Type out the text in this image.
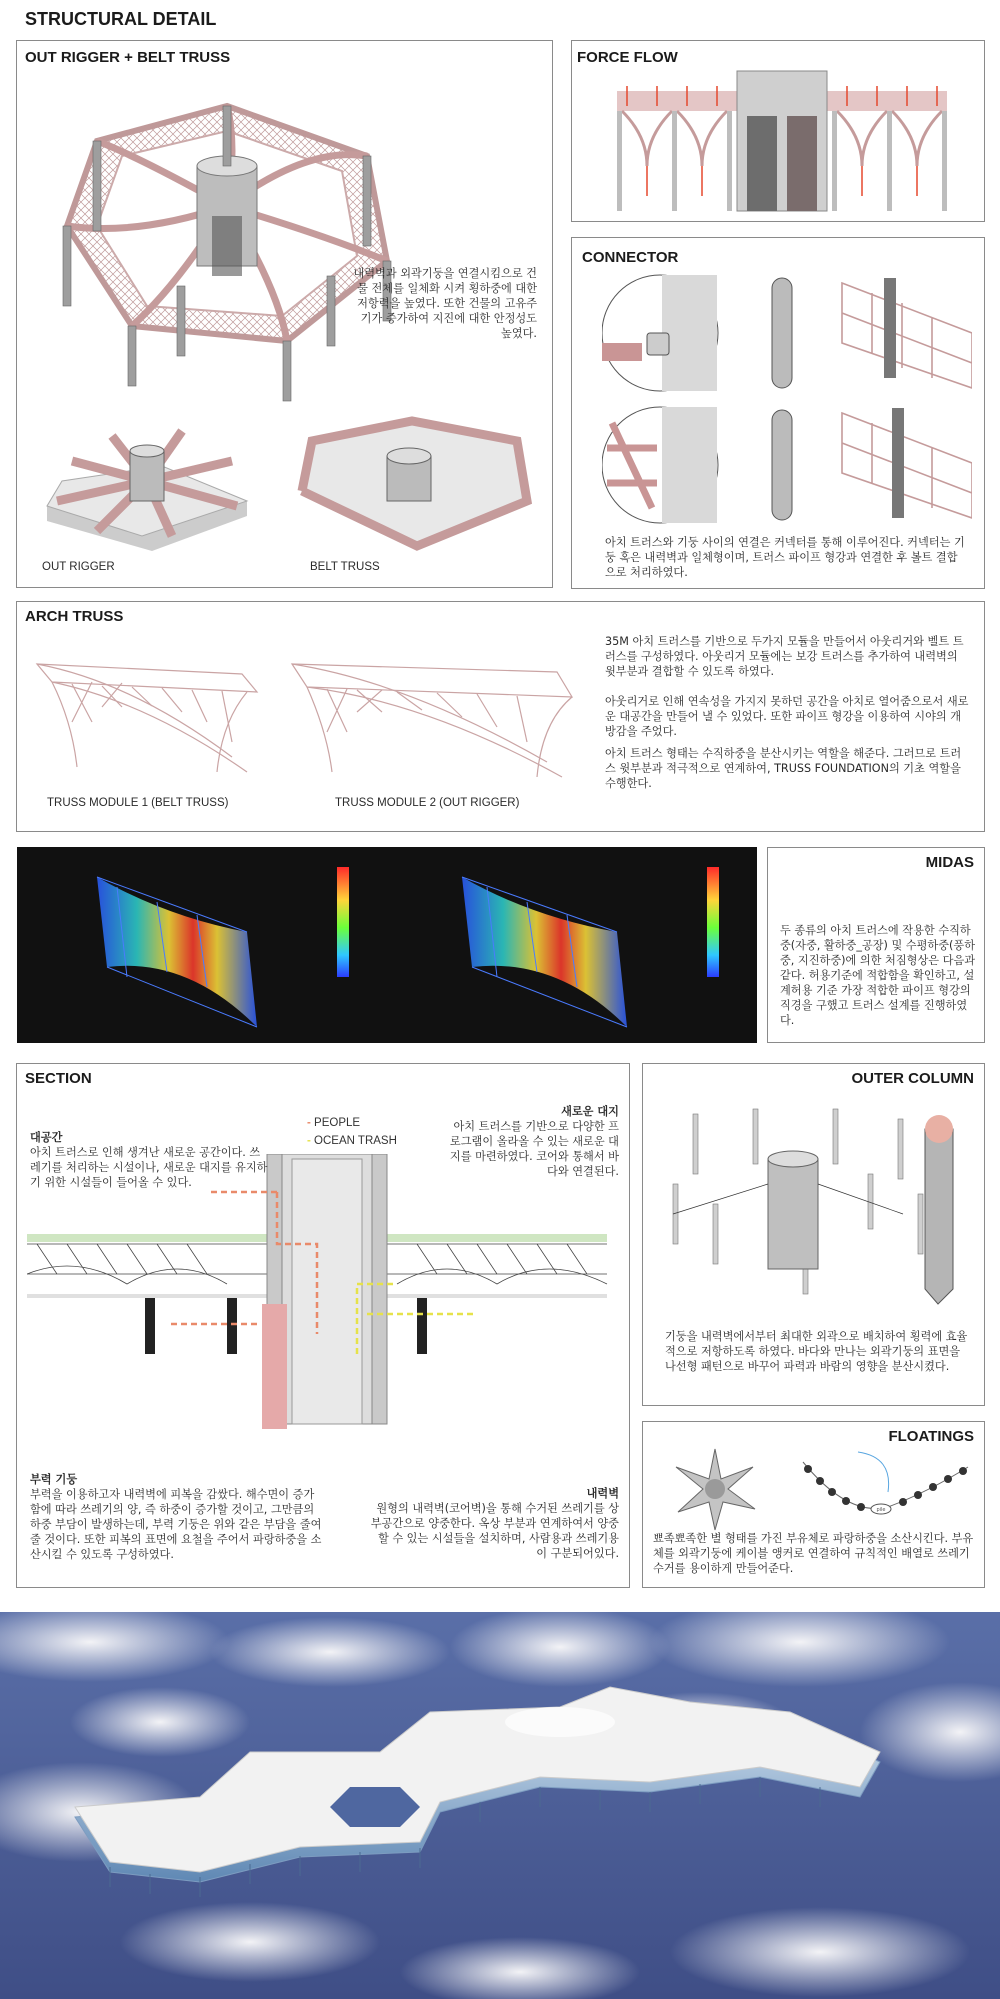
STRUCTURAL DETAIL
OUT RIGGER + BELT TRUSS
내력벽과 외곽기둥을 연결시킴으로 건물 전체를 일체화 시켜 횡하중에 대한 저항력을 높였다. 또한 건물의 고유주기가 증가하여 지진에 대한 안정성도 높였다.
OUT RIGGER	BELT TRUSS
FORCE FLOW
CONNECTOR
아치 트러스와 기둥 사이의 연결은 커넥터를 통해 이루어진다. 커넥터는 기둥 혹은 내력벽과 일체형이며, 트러스 파이프 형강과 연결한 후 볼트 결합으로 처리하였다.
ARCH TRUSS
TRUSS MODULE 1 (BELT TRUSS)	TRUSS MODULE 2 (OUT RIGGER)
35M 아치 트러스를 기반으로 두가지 모듈을 만들어서 아웃리거와 벨트 트러스를 구성하였다. 아웃리거 모듈에는 보강 트러스를 추가하여 내력벽의 윗부분과 결합할 수 있도록 하였다.
아웃리거로 인해 연속성을 가지지 못하던 공간을 아치로 열어줌으로서 새로운 대공간을 만들어 낼 수 있었다. 또한 파이프 형강을 이용하여 시야의 개방감을 주었다.
아치 트러스 형태는 수직하중을 분산시키는 역할을 해준다. 그러므로 트러스 윗부분과 적극적으로 연계하여, TRUSS FOUNDATION의 기초 역할을 수행한다.
MIDAS
두 종류의 아치 트러스에 작용한 수직하중(자중, 활하중_공장) 및 수평하중(풍하중, 지진하중)에 의한 처짐형상은 다음과 같다. 허용기준에 적합함을 확인하고, 설계허용 기준 가장 적합한 파이프 형강의 직경을 구했고 트러스 설계를 진행하였다.
SECTION
- PEOPLE
- OCEAN TRASH
대공간
아치 트러스로 인해 생겨난 새로운 공간이다. 쓰레기를 처리하는 시설이나, 새로운 대지를 유지하기 위한 시설들이 들어올 수 있다.
새로운 대지
아치 트러스를 기반으로 다양한 프로그램이 올라올 수 있는 새로운 대지를 마련하였다. 코어와 통해서 바다와 연결된다.
부력 기둥
부력을 이용하고자 내력벽에 피복을 감쌌다. 해수면이 증가함에 따라 쓰레기의 양, 즉 하중이 증가할 것이고, 그만큼의 하중 부담이 발생하는데, 부력 기둥은 위와 같은 부담을 줄여줄 것이다. 또한 피복의 표면에 요철을 주어서 파랑하중을 소산시킬 수 있도록 구성하였다.
내력벽
원형의 내력벽(코어벽)을 통해 수거된 쓰레기를 상부공간으로 양중한다. 옥상 부분과 연계하여서 양중할 수 있는 시설들을 설치하며, 사람용과 쓰레기용이 구분되어있다.
OUTER COLUMN
기둥을 내력벽에서부터 최대한 외곽으로 배치하여 횡력에 효율적으로 저항하도록 하였다. 바다와 만나는 외곽기둥의 표면을 나선형 패턴으로 바꾸어 파력과 바람의 영향을 분산시켰다.
FLOATINGS
pile
뾰족뾰족한 별 형태를 가진 부유체로 파랑하중을 소산시킨다. 부유체를 외곽기둥에 케이블 앵커로 연결하여 규칙적인 배열로 쓰레기 수거를 용이하게 만들어준다.
